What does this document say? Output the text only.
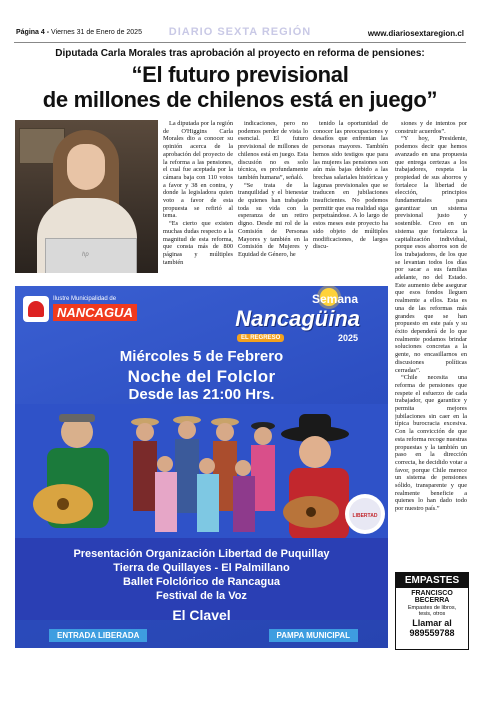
Página 4 - Viernes 31 de Enero de 2025	DIARIO SEXTA REGIÓN	www.diariosextaregion.cl
Diputada Carla Morales tras aprobación al proyecto en reforma de pensiones:
“El futuro previsional
de millones de chilenos está en juego”
hp

La diputada por la región de O'Higgins Carla Morales dio a conocer su opinión acerca de la aprobación del proyecto de la reforma a las pensiones, el cual fue aceptada por la cámara baja con 110 votos a favor y 38 en contra, y donde la legisladora quien voto a favor de esta propuesta se refirió al tema.

“Es cierto que existen muchas dudas respecto a la magnitud de esta reforma, que consta más de 800 páginas y múltiples también

indicaciones, pero no podemos perder de vista lo esencial. El futuro previsional de millones de chilenos está en juego. Esta discusión no es solo técnica, es profundamente también humana”, señaló.

“Se trata de la tranquilidad y el bienestar de quienes han trabajado toda su vida con la esperanza de un retiro digno. Desde mi rol de la Comisión de Personas Mayores y también en la Comisión de Mujeres y Equidad de Género, he

tenido la oportunidad de conocer las preocupaciones y desafíos que enfrentan las personas mayores. También hemos sido testigos que para las mujeres las pensiones son aún más bajas debido a las brechas salariales históricas y lagunas previsionales que se traducen en jubilaciones insuficientes. No podemos permitir que esa realidad siga perpetuándose. A lo largo de estos meses este proyecto ha sido objeto de múltiples modificaciones, de largos discu-

siones y de intentos por construir acuerdos”.

“Y hoy, Presidente, podemos decir que hemos avanzado en una propuesta que entrega certezas a los trabajadores, respeta la propiedad de sus ahorros y fortalece la libertad de elección, principios fundamentales para garantizar un sistema previsional justo y sostenible. Creo en un sistema que fortalezca la capitalización individual, porque esos ahorros son de los trabajadores, de los que se levantan todos los días por sacar a sus familias adelante, no del Estado. Este aumento debe asegurar que esos fondos lleguen realmente a ellos. Esta es una de las reformas más grandes que se han propuesto en este país y su éxito dependerá de lo que realmente podamos brindar soluciones concretas a la gente, no encasillarnos en discusiones políticas cerradas”.

“Chile necesita una reforma de pensiones que respete el esfuerzo de cada trabajador, que garantice y permita mejores jubilaciones sin caer en la típica burocracia excesiva. Con la convicción de que esta reforma recoge nuestras propuestas y la también un paso en la dirección correcta, he decidido votar a favor, porque Chile merece un sistema de pensiones sólido, transparente y que realmente beneficie a quienes lo han dado todo por nuestro país.”

Ilustre Municipalidad de
NANCAGUA
Semana
Nancagüina
EL REGRESO	2025
Miércoles 5 de Febrero
Noche del Folclor
Desde las 21:00 Hrs.
LIBERTAD
Presentación Organización Libertad de Puquillay
Tierra de Quillayes - El Palmillano
Ballet Folclórico de Rancagua
Festival de la Voz
El Clavel
ENTRADA LIBERADA	PAMPA MUNICIPAL
EMPASTES
FRANCISCO
BECERRA
Empastes de libros,
tesis, otros
Llamar al
989559788
